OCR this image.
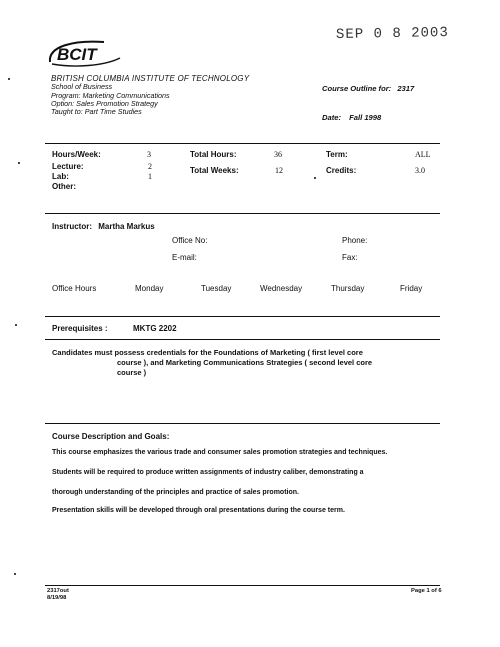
SEP 0 8 2003
BCIT
BRITISH COLUMBIA INSTITUTE OF TECHNOLOGY
School of Business
Program: Marketing Communications
Option: Sales Promotion Strategy
Taught to: Part Time Studies
Course Outline for: 2317
Date: Fall 1998
Hours/Week:	3
Lecture:	2
Lab:	1
Other:
Total Hours:	36
Total Weeks:	12
Term:	ALL
Credits:	3.0
Instructor: Martha Markus
Office No:	Phone:
E-mail:	Fax:
Office Hours	Monday	Tuesday	Wednesday	Thursday	Friday
Prerequisites :	MKTG 2202
Candidates must possess credentials for the Foundations of Marketing ( first level core
course ), and Marketing Communications Strategies ( second level core
course )
Course Description and Goals:
This course emphasizes the various trade and consumer sales promotion strategies and techniques.
Students will be required to produce written assignments of industry caliber, demonstrating a
thorough understanding of the principles and practice of sales promotion.
Presentation skills will be developed through oral presentations during the course term.
2317out
8/19/98
Page 1 of 6
